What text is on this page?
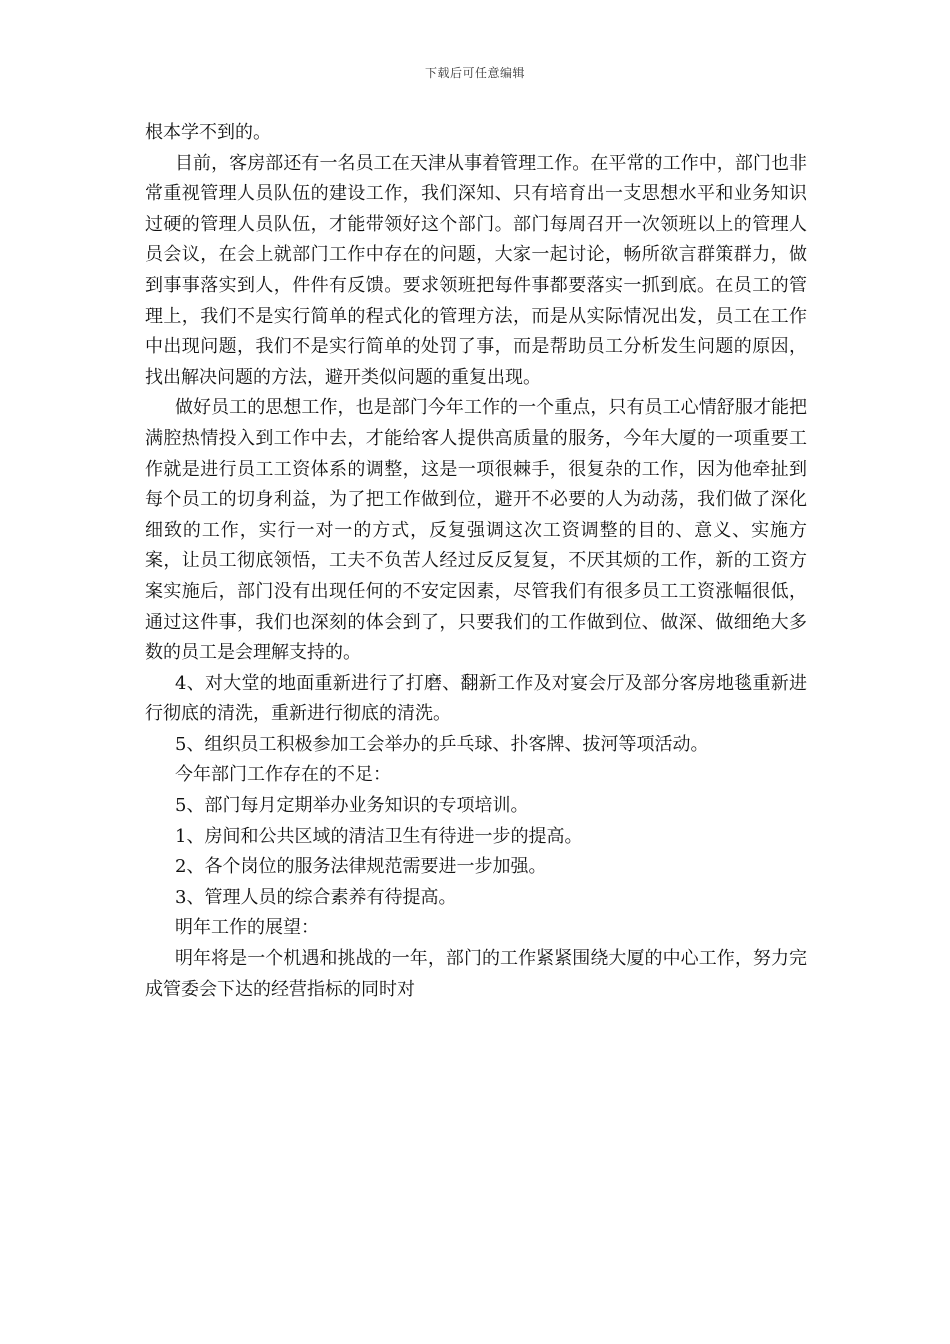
下载后可任意编辑

根本学不到的。

目前，客房部还有一名员工在天津从事着管理工作。在平常的工作中，部门也非常重视管理人员队伍的建设工作，我们深知、只有培育出一支思想水平和业务知识过硬的管理人员队伍，才能带领好这个部门。部门每周召开一次领班以上的管理人员会议，在会上就部门工作中存在的问题，大家一起讨论，畅所欲言群策群力，做到事事落实到人，件件有反馈。要求领班把每件事都要落实一抓到底。在员工的管理上，我们不是实行简单的程式化的管理方法，而是从实际情况出发，员工在工作中出现问题，我们不是实行简单的处罚了事，而是帮助员工分析发生问题的原因，找出解决问题的方法，避开类似问题的重复出现。

做好员工的思想工作，也是部门今年工作的一个重点，只有员工心情舒服才能把满腔热情投入到工作中去，才能给客人提供高质量的服务，今年大厦的一项重要工作就是进行员工工资体系的调整，这是一项很棘手，很复杂的工作，因为他牵扯到每个员工的切身利益，为了把工作做到位，避开不必要的人为动荡，我们做了深化细致的工作，实行一对一的方式，反复强调这次工资调整的目的、意义、实施方案，让员工彻底领悟，工夫不负苦人经过反反复复，不厌其烦的工作，新的工资方案实施后，部门没有出现任何的不安定因素，尽管我们有很多员工工资涨幅很低，通过这件事，我们也深刻的体会到了，只要我们的工作做到位、做深、做细绝大多数的员工是会理解支持的。

4、对大堂的地面重新进行了打磨、翻新工作及对宴会厅及部分客房地毯重新进行彻底的清洗，重新进行彻底的清洗。

5、组织员工积极参加工会举办的乒乓球、扑客牌、拔河等项活动。

今年部门工作存在的不足：

5、部门每月定期举办业务知识的专项培训。

1、房间和公共区域的清洁卫生有待进一步的提高。

2、各个岗位的服务法律规范需要进一步加强。

3、管理人员的综合素养有待提高。

明年工作的展望：

明年将是一个机遇和挑战的一年，部门的工作紧紧围绕大厦的中心工作，努力完成管委会下达的经营指标的同时对
